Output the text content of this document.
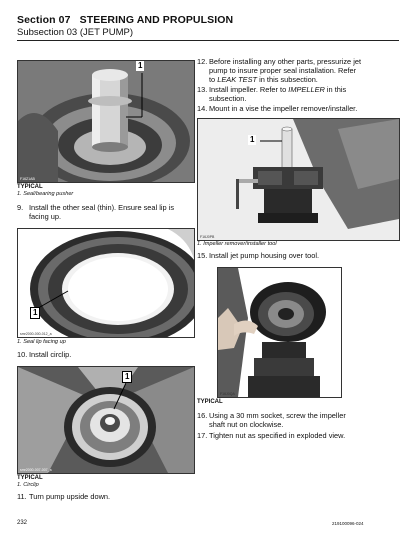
Section 07 STEERING AND PROPULSION
Subsection 03 (JET PUMP)
1
F16Z1AB
TYPICAL
1. Seal/bearing pusher
9. Install the other seal (thin). Ensure seal lip is
facing up.
1
smr2000-000-012_a
1. Seal lip facing up
10. Install circlip.
1
smr2000-007-007_a
TYPICAL
1. Circlip
11. Turn pump upside down.
12. Before installing any other parts, pressurize jet
pump to insure proper seal installation. Refer
to LEAK TEST in this subsection.
13. Install impeller. Refer to IMPELLER in this
subsection.
14. Mount in a vise the impeller remover/installer.
1
F16J0PB
1. Impeller remover/installer tool
15. Install jet pump housing over tool.
F16J0QA
TYPICAL
16. Using a 30 mm socket, screw the impeller
shaft nut on clockwise.
17. Tighten nut as specified in exploded view.
232	219100096-024
